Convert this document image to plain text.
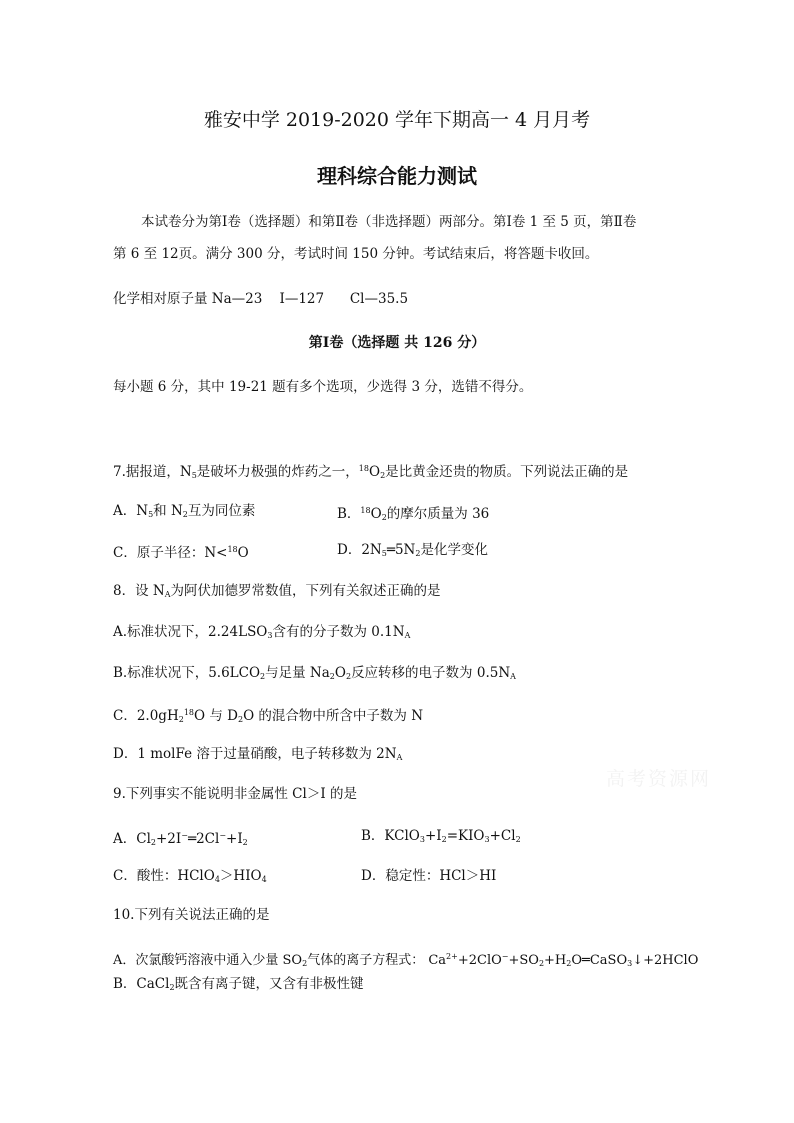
雅安中学 2019-2020 学年下期高一 4 月月考
理科综合能力测试
本试卷分为第Ⅰ卷（选择题）和第Ⅱ卷（非选择题）两部分。第Ⅰ卷 1 至 5 页，第Ⅱ卷
第 6 至 12页。满分 300 分，考试时间 150 分钟。考试结束后，将答题卡收回。
化学相对原子量 Na—23    I—127      Cl—35.5
第Ⅰ卷（选择题 共 126 分）
每小题 6 分，其中 19-21 题有多个选项，少选得 3 分，选错不得分。
7.据报道，$N_5$是破坏力极强的炸药之一，$^{18}O_2$是比黄金还贵的物质。下列说法正确的是
A．$N_5$和 $N_2$互为同位素	B．$^{18}O_2$的摩尔质量为 36
C．原子半径：N<$^{18}$O	D．$2N_5═5N_2$是化学变化
8．设 $N_A$为阿伏加德罗常数值，下列有关叙述正确的是
A.标准状况下，$2.24LSO_3$含有的分子数为 $0.1N_A$
B.标准状况下，$5.6LCO_2$与足量 $Na_2O_2$反应转移的电子数为 $0.5N_A$
C．$2.0gH_2^{18}O$ 与 $D_2O$ 的混合物中所含中子数为 N
D．1 molFe 溶于过量硝酸，电子转移数为 $2N_A$
9.下列事实不能说明非金属性 Cl＞I 的是
A．$Cl_2+2I^-═2Cl^-+I_2$	B．$KClO_3+I_2=KIO_3+Cl_2$
C．酸性：$HClO_4>HIO_4$	D．稳定性：HCl＞HI
10.下列有关说法正确的是
A．次氯酸钙溶液中通入少量 $SO_2$气体的离子方程式： $Ca^{2+}+2ClO^-+SO_2+H_2O═CaSO_3↓+2HClO$
B．CaCl$_2$既含有离子键，又含有非极性键
高考资源网
